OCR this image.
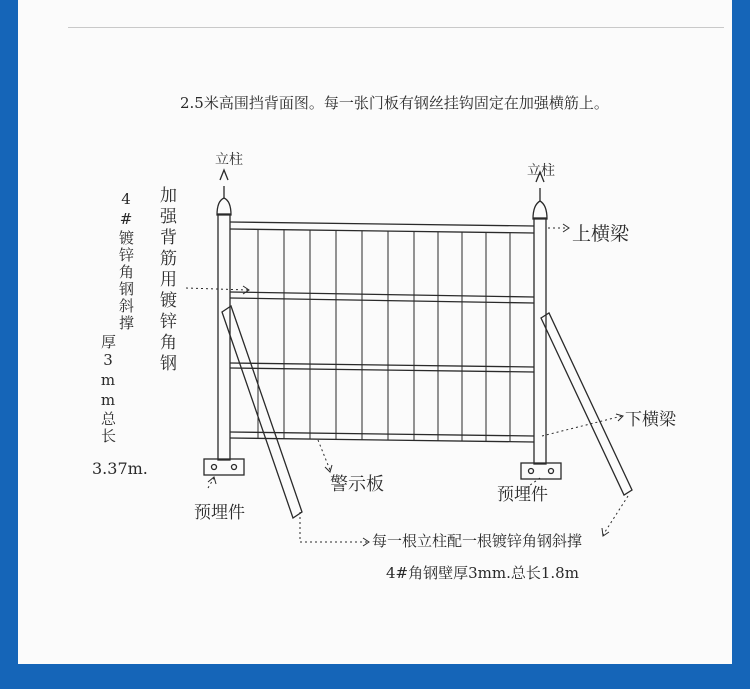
2.5米高围挡背面图。每一张门板有钢丝挂钩固定在加强横筋上。
立柱
立柱
上横梁
下横梁
警示板
预埋件
预埋件
加强背筋用镀锌角钢
4#镀锌角钢斜撑
厚3mm总长
3.37m.
每一根立柱配一根镀锌角钢斜撑
4#角钢壁厚3mm.总长1.8m
